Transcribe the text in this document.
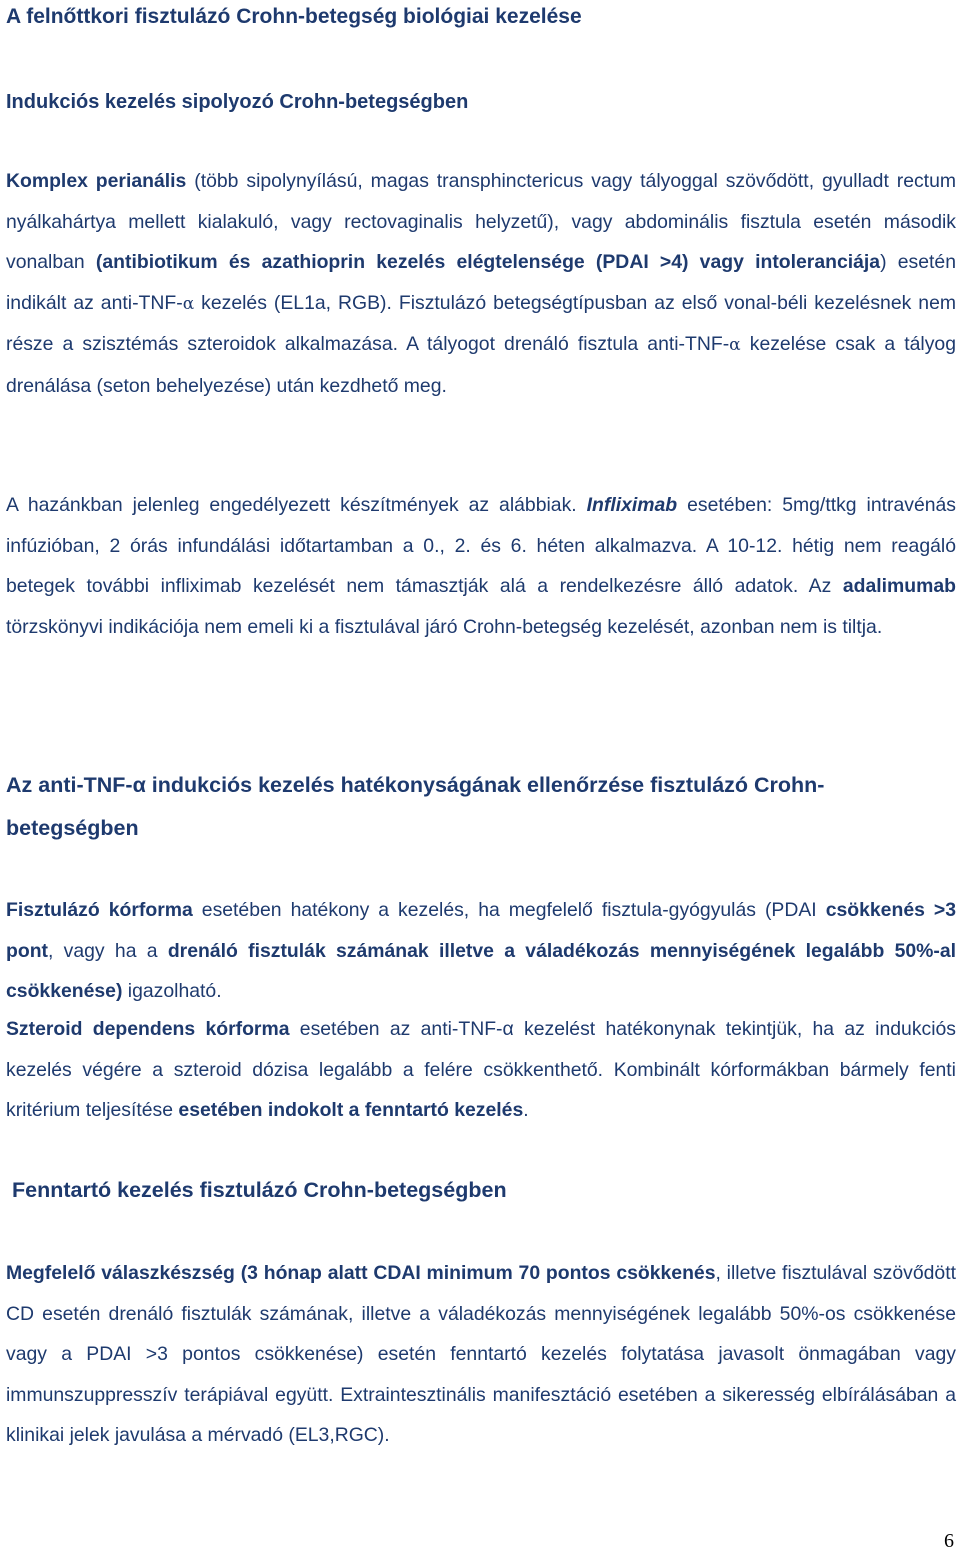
A felnőttkori fisztulázó Crohn-betegség biológiai kezelése
Indukciós kezelés sipolyozó Crohn-betegségben

Komplex perianális (több sipolynyílású, magas transphinctericus vagy tályoggal szövődött, gyulladt rectum nyálkahártya mellett kialakuló, vagy rectovaginalis helyzetű), vagy abdominális fisztula esetén második vonalban (antibiotikum és azathioprin kezelés elégtelensége (PDAI >4) vagy intoleranciája) esetén indikált az anti-TNF-α kezelés (EL1a, RGB). Fisztulázó betegségtípusban az első vonal-béli kezelésnek nem része a szisztémás szteroidok alkalmazása. A tályogot drenáló fisztula anti-TNF-α kezelése csak a tályog drenálása (seton behelyezése) után kezdhető meg.

A hazánkban jelenleg engedélyezett készítmények az alábbiak. Infliximab esetében: 5mg/ttkg intravénás infúzióban, 2 órás infundálási időtartamban a 0., 2. és 6. héten alkalmazva. A 10-12. hétig nem reagáló betegek további infliximab kezelését nem támasztják alá a rendelkezésre álló adatok. Az adalimumab törzskönyvi indikációja nem emeli ki a fisztulával járó Crohn-betegség kezelését, azonban nem is tiltja.

Az anti-TNF-α indukciós kezelés hatékonyságának ellenőrzése fisztulázó Crohn-betegségben

Fisztulázó kórforma esetében hatékony a kezelés, ha megfelelő fisztula-gyógyulás (PDAI csökkenés >3 pont, vagy ha a drenáló fisztulák számának illetve a váladékozás mennyiségének legalább 50%-al csökkenése) igazolható.

Szteroid dependens kórforma esetében az anti-TNF-α kezelést hatékonynak tekintjük, ha az indukciós kezelés végére a szteroid dózisa legalább a felére csökkenthető. Kombinált kórformákban bármely fenti kritérium teljesítése esetében indokolt a fenntartó kezelés.

Fenntartó kezelés fisztulázó Crohn-betegségben

Megfelelő válaszkészség (3 hónap alatt CDAI minimum 70 pontos csökkenés, illetve fisztulával szövődött CD esetén drenáló fisztulák számának, illetve a váladékozás mennyiségének legalább 50%-os csökkenése vagy a PDAI >3 pontos csökkenése) esetén fenntartó kezelés folytatása javasolt önmagában vagy immunszuppresszív terápiával együtt. Extraintesztinális manifesztáció esetében a sikeresség elbírálásában a klinikai jelek javulása a mérvadó (EL3,RGC).

6
